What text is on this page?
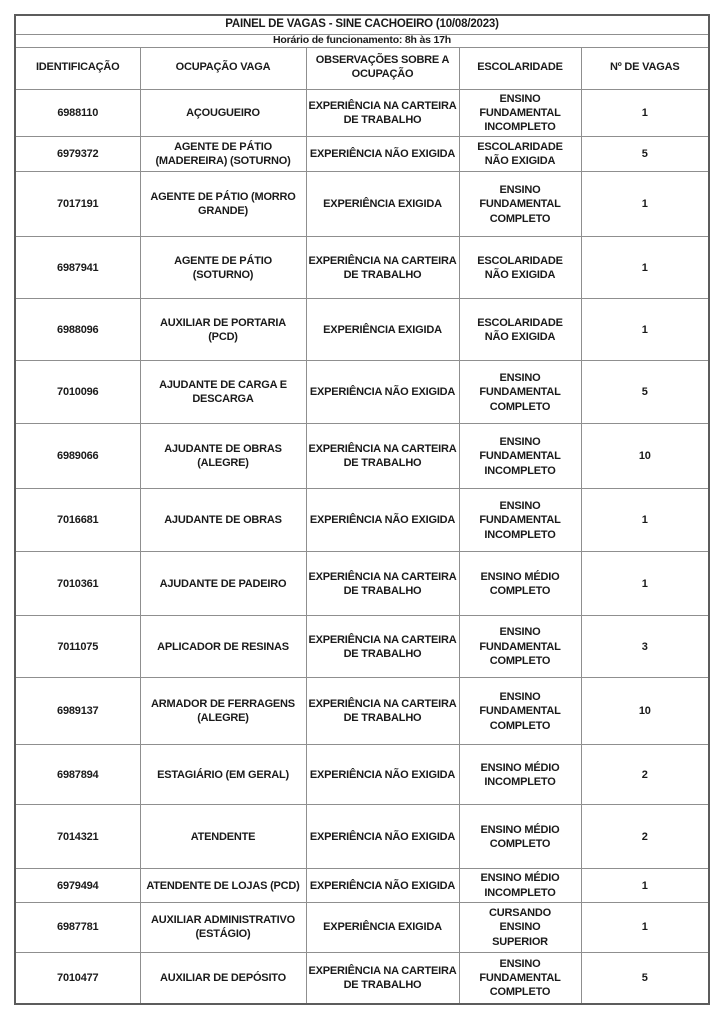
PAINEL DE VAGAS - SINE CACHOEIRO (10/08/2023)				
Horário de funcionamento: 8h às 17h				
IDENTIFICAÇÃO	OCUPAÇÃO VAGA	OBSERVAÇÕES SOBRE A OCUPAÇÃO	ESCOLARIDADE	Nº DE VAGAS
6988110	AÇOUGUEIRO	EXPERIÊNCIA NA CARTEIRA DE TRABALHO	ENSINO FUNDAMENTAL INCOMPLETO	1
6979372	AGENTE DE PÁTIO (MADEREIRA) (SOTURNO)	EXPERIÊNCIA NÃO EXIGIDA	ESCOLARIDADE NÃO EXIGIDA	5
7017191	AGENTE DE PÁTIO (MORRO GRANDE)	EXPERIÊNCIA EXIGIDA	ENSINO FUNDAMENTAL COMPLETO	1
6987941	AGENTE DE PÁTIO (SOTURNO)	EXPERIÊNCIA NA CARTEIRA DE TRABALHO	ESCOLARIDADE NÃO EXIGIDA	1
6988096	AUXILIAR DE PORTARIA (PCD)	EXPERIÊNCIA EXIGIDA	ESCOLARIDADE NÃO EXIGIDA	1
7010096	AJUDANTE DE CARGA E DESCARGA	EXPERIÊNCIA NÃO EXIGIDA	ENSINO FUNDAMENTAL COMPLETO	5
6989066	AJUDANTE DE OBRAS (ALEGRE)	EXPERIÊNCIA NA CARTEIRA DE TRABALHO	ENSINO FUNDAMENTAL INCOMPLETO	10
7016681	AJUDANTE DE OBRAS	EXPERIÊNCIA NÃO EXIGIDA	ENSINO FUNDAMENTAL INCOMPLETO	1
7010361	AJUDANTE DE PADEIRO	EXPERIÊNCIA NA CARTEIRA DE TRABALHO	ENSINO MÉDIO COMPLETO	1
7011075	APLICADOR DE RESINAS	EXPERIÊNCIA NA CARTEIRA DE TRABALHO	ENSINO FUNDAMENTAL COMPLETO	3
6989137	ARMADOR DE FERRAGENS (ALEGRE)	EXPERIÊNCIA NA CARTEIRA DE TRABALHO	ENSINO FUNDAMENTAL COMPLETO	10
6987894	ESTAGIÁRIO (EM GERAL)	EXPERIÊNCIA NÃO EXIGIDA	ENSINO MÉDIO INCOMPLETO	2
7014321	ATENDENTE	EXPERIÊNCIA NÃO EXIGIDA	ENSINO MÉDIO COMPLETO	2
6979494	ATENDENTE DE LOJAS (PCD)	EXPERIÊNCIA NÃO EXIGIDA	ENSINO MÉDIO INCOMPLETO	1
6987781	AUXILIAR ADMINISTRATIVO (ESTÁGIO)	EXPERIÊNCIA EXIGIDA	CURSANDO ENSINO SUPERIOR	1
7010477	AUXILIAR DE DEPÓSITO	EXPERIÊNCIA NA CARTEIRA DE TRABALHO	ENSINO FUNDAMENTAL COMPLETO	5
